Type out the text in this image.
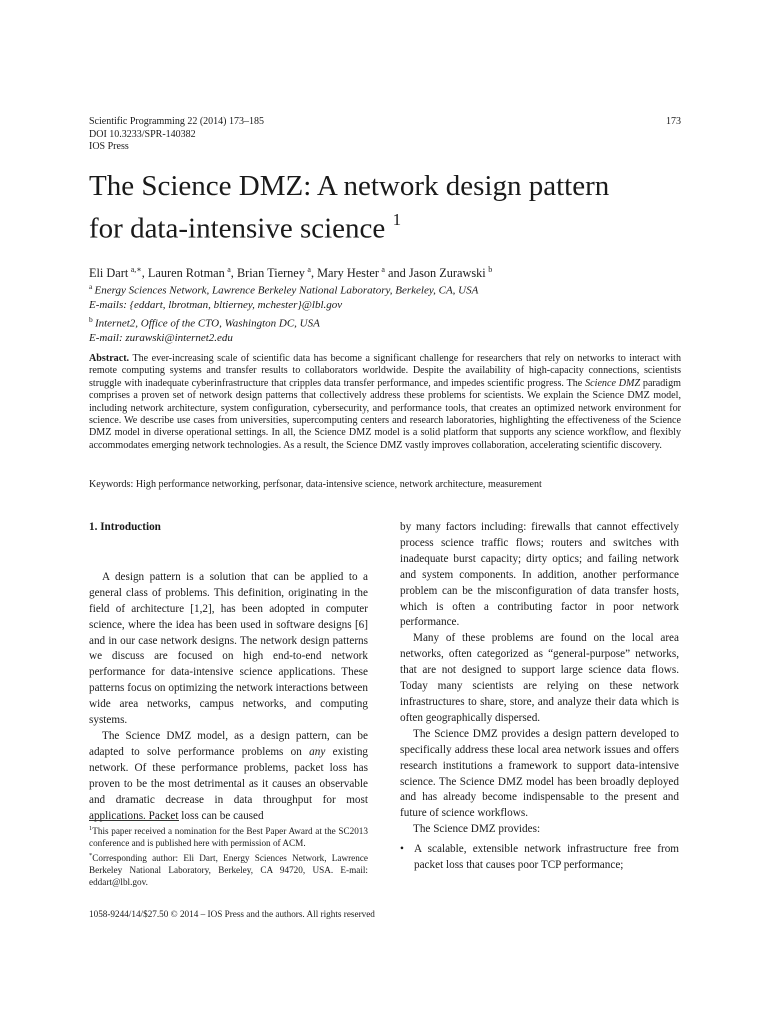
Scientific Programming 22 (2014) 173–185
DOI 10.3233/SPR-140382
IOS Press
173
The Science DMZ: A network design pattern
for data-intensive science $^1$
Eli Dart  $^{a,∗}$, Lauren Rotman  $^a$, Brian Tierney  $^a$, Mary Hester  $^a$ and Jason Zurawski  $^b$
$^a$  Energy Sciences Network, Lawrence Berkeley National Laboratory, Berkeley, CA, USA
E-mails: {eddart, lbrotman, bltierney, mchester}@lbl.gov
$^b$  Internet2, Office of the CTO, Washington DC, USA
E-mail: zurawski@internet2.edu

Abstract. The ever-increasing scale of scientific data has become a significant challenge for researchers that rely on networks to interact with remote computing systems and transfer results to collaborators worldwide. Despite the availability of high-capacity connections, scientists struggle with inadequate cyberinfrastructure that cripples data transfer performance, and impedes scientific progress. The Science DMZ paradigm comprises a proven set of network design patterns that collectively address these problems for scientists. We explain the Science DMZ model, including network architecture, system configuration, cybersecurity, and performance tools, that creates an optimized network environment for science. We describe use cases from universities, supercomputing centers and research laboratories, highlighting the effectiveness of the Science DMZ model in diverse operational settings. In all, the Science DMZ model is a solid platform that supports any science workflow, and flexibly accommodates emerging network technologies. As a result, the Science DMZ vastly improves collaboration, accelerating scientific discovery.

Keywords: High performance networking, perfsonar, data-intensive science, network architecture, measurement
1. Introduction

A design pattern is a solution that can be applied to a general class of problems. This definition, originating in the field of architecture [1,2], has been adopted in computer science, where the idea has been used in software designs [6] and in our case network designs. The network design patterns we discuss are focused on high end-to-end network performance for data-intensive science applications. These patterns focus on optimizing the network interactions between wide area networks, campus networks, and computing systems.

The Science DMZ model, as a design pattern, can be adapted to solve performance problems on any existing network. Of these performance problems, packet loss has proven to be the most detrimental as it causes an observable and dramatic decrease in data throughput for most applications. Packet loss can be caused

by many factors including: firewalls that cannot effectively process science traffic flows; routers and switches with inadequate burst capacity; dirty optics; and failing network and system components. In addition, another performance problem can be the misconfiguration of data transfer hosts, which is often a contributing factor in poor network performance.

Many of these problems are found on the local area networks, often categorized as “general-purpose” networks, that are not designed to support large science data flows. Today many scientists are relying on these network infrastructures to share, store, and analyze their data which is often geographically dispersed.

The Science DMZ provides a design pattern developed to specifically address these local area network issues and offers research institutions a framework to support data-intensive science. The Science DMZ model has been broadly deployed and has already become indispensable to the present and future of science workflows.

The Science DMZ provides:

• A scalable, extensible network infrastructure free from packet loss that causes poor TCP performance;

$^1$This paper received a nomination for the Best Paper Award at the SC2013 conference and is published here with permission of ACM.

*Corresponding author: Eli Dart, Energy Sciences Network, Lawrence Berkeley National Laboratory, Berkeley, CA 94720, USA. E-mail: eddart@lbl.gov.

1058-9244/14/$27.50 © 2014 – IOS Press and the authors. All rights reserved
